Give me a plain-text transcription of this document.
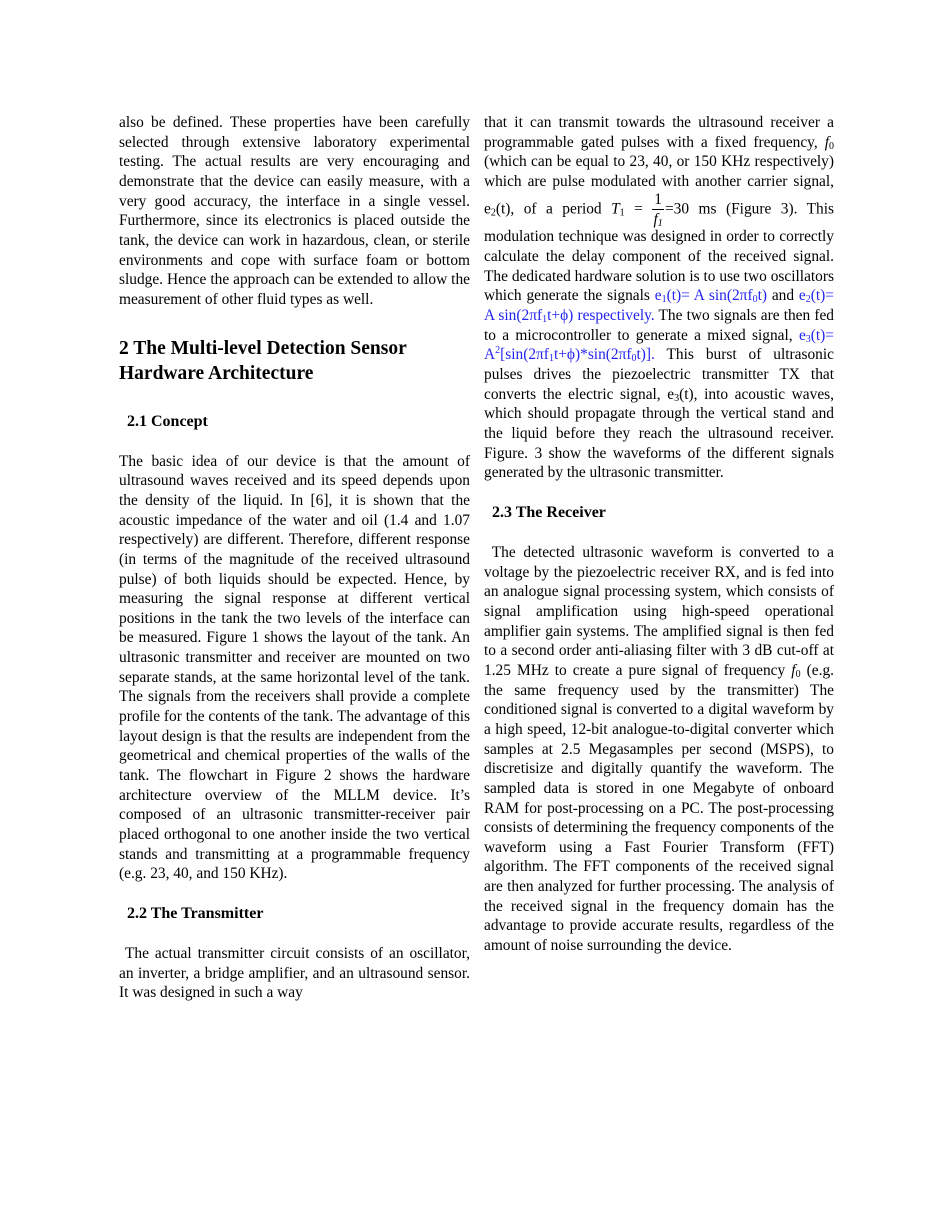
also be defined. These properties have been carefully selected through extensive laboratory experimental testing. The actual results are very encouraging and demonstrate that the device can easily measure, with a very good accuracy, the interface in a single vessel. Furthermore, since its electronics is placed outside the tank, the device can work in hazardous, clean, or sterile environments and cope with surface foam or bottom sludge. Hence the approach can be extended to allow the measurement of other fluid types as well.

2 The Multi-level Detection Sensor Hardware Architecture
2.1 Concept

The basic idea of our device is that the amount of ultrasound waves received and its speed depends upon the density of the liquid. In [6], it is shown that the acoustic impedance of the water and oil (1.4 and 1.07 respectively) are different. Therefore, different response (in terms of the magnitude of the received ultrasound pulse) of both liquids should be expected. Hence, by measuring the signal response at different vertical positions in the tank the two levels of the interface can be measured. Figure 1 shows the layout of the tank. An ultrasonic transmitter and receiver are mounted on two separate stands, at the same horizontal level of the tank. The signals from the receivers shall provide a complete profile for the contents of the tank. The advantage of this layout design is that the results are independent from the geometrical and chemical properties of the walls of the tank. The flowchart in Figure 2 shows the hardware architecture overview of the MLLM device. It’s composed of an ultrasonic transmitter-receiver pair placed orthogonal to one another inside the two vertical stands and transmitting at a programmable frequency (e.g. 23, 40, and 150 KHz).

2.2 The Transmitter

The actual transmitter circuit consists of an oscillator, an inverter, a bridge amplifier, and an ultrasound sensor. It was designed in such a way

that it can transmit towards the ultrasound receiver a programmable gated pulses with a fixed frequency, $f_0$ (which can be equal to 23, 40, or 150 KHz respectively) which are pulse modulated with another carrier signal, $e_2(t)$, of a period $T_1 = \frac{1}{f_1} =30$ ms (Figure 3). This modulation technique was designed in order to correctly calculate the delay component of the received signal. The dedicated hardware solution is to use two oscillators which generate the signals $e_1(t)= A$ $\sin(2\pi f_0t)$ and $e_2(t)= A$ $\sin(2\pi f_1t+\phi)$ respectively. The two signals are then fed to a microcontroller to generate a mixed signal, $e_3(t)= A^2[\sin(2\pi f_1t+\phi)*\sin(2\pi f_0t)]$. This burst of ultrasonic pulses drives the piezoelectric transmitter TX that converts the electric signal, $e_3(t)$, into acoustic waves, which should propagate through the vertical stand and the liquid before they reach the ultrasound receiver. Figure. 3 show the waveforms of the different signals generated by the ultrasonic transmitter.

2.3 The Receiver

The detected ultrasonic waveform is converted to a voltage by the piezoelectric receiver RX, and is fed into an analogue signal processing system, which consists of signal amplification using high-speed operational amplifier gain systems. The amplified signal is then fed to a second order anti-aliasing filter with 3 dB cut-off at 1.25 MHz to create a pure signal of frequency $f_0$ (e.g. the same frequency used by the transmitter) The conditioned signal is converted to a digital waveform by a high speed, 12-bit analogue-to-digital converter which samples at 2.5 Megasamples per second (MSPS), to discretisize and digitally quantify the waveform. The sampled data is stored in one Megabyte of onboard RAM for post-processing on a PC. The post-processing consists of determining the frequency components of the waveform using a Fast Fourier Transform (FFT) algorithm. The FFT components of the received signal are then analyzed for further processing. The analysis of the received signal in the frequency domain has the advantage to provide accurate results, regardless of the amount of noise surrounding the device.
